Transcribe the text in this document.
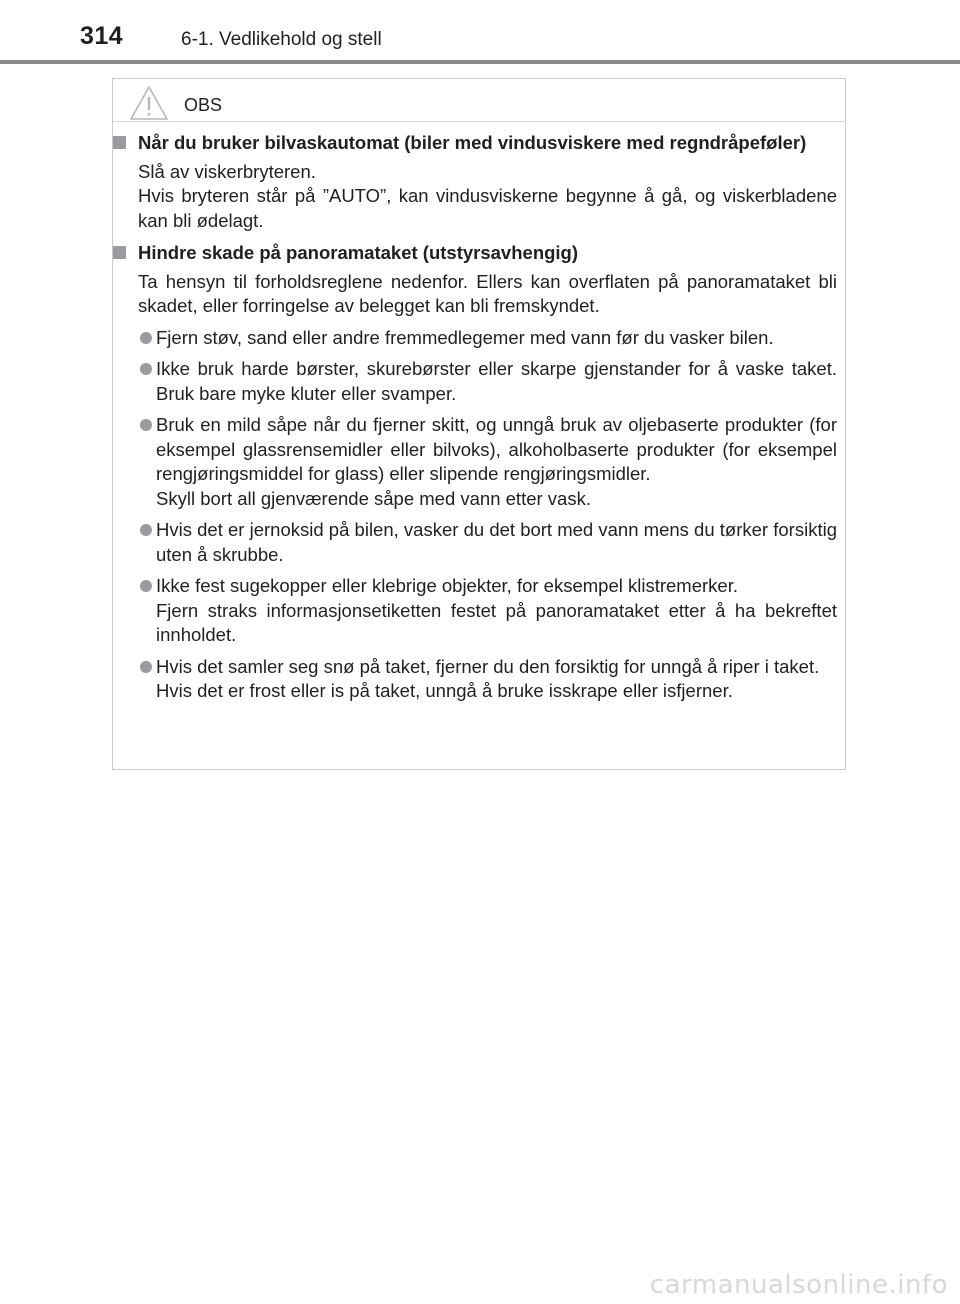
314	6-1. Vedlikehold og stell
OBS
Når du bruker bilvaskautomat (biler med vindusviskere med regndråpeføler)
Slå av viskerbryteren.
Hvis bryteren står på ”AUTO”, kan vindusviskerne begynne å gå, og viskerbladene kan bli ødelagt.
Hindre skade på panoramataket (utstyrsavhengig)
Ta hensyn til forholdsreglene nedenfor. Ellers kan overflaten på panoramataket bli skadet, eller forringelse av belegget kan bli fremskyndet.
Fjern støv, sand eller andre fremmedlegemer med vann før du vasker bilen.
Ikke bruk harde børster, skurebørster eller skarpe gjenstander for å vaske taket. Bruk bare myke kluter eller svamper.
Bruk en mild såpe når du fjerner skitt, og unngå bruk av oljebaserte produkter (for eksempel glassrensemidler eller bilvoks), alkoholbaserte produkter (for eksempel rengjøringsmiddel for glass) eller slipende rengjøringsmidler.
Skyll bort all gjenværende såpe med vann etter vask.
Hvis det er jernoksid på bilen, vasker du det bort med vann mens du tørker forsiktig uten å skrubbe.
Ikke fest sugekopper eller klebrige objekter, for eksempel klistremerker.
Fjern straks informasjonsetiketten festet på panoramataket etter å ha bekreftet innholdet.
Hvis det samler seg snø på taket, fjerner du den forsiktig for unngå å riper i taket.
Hvis det er frost eller is på taket, unngå å bruke isskrape eller isfjerner.
carmanualsonline.info
